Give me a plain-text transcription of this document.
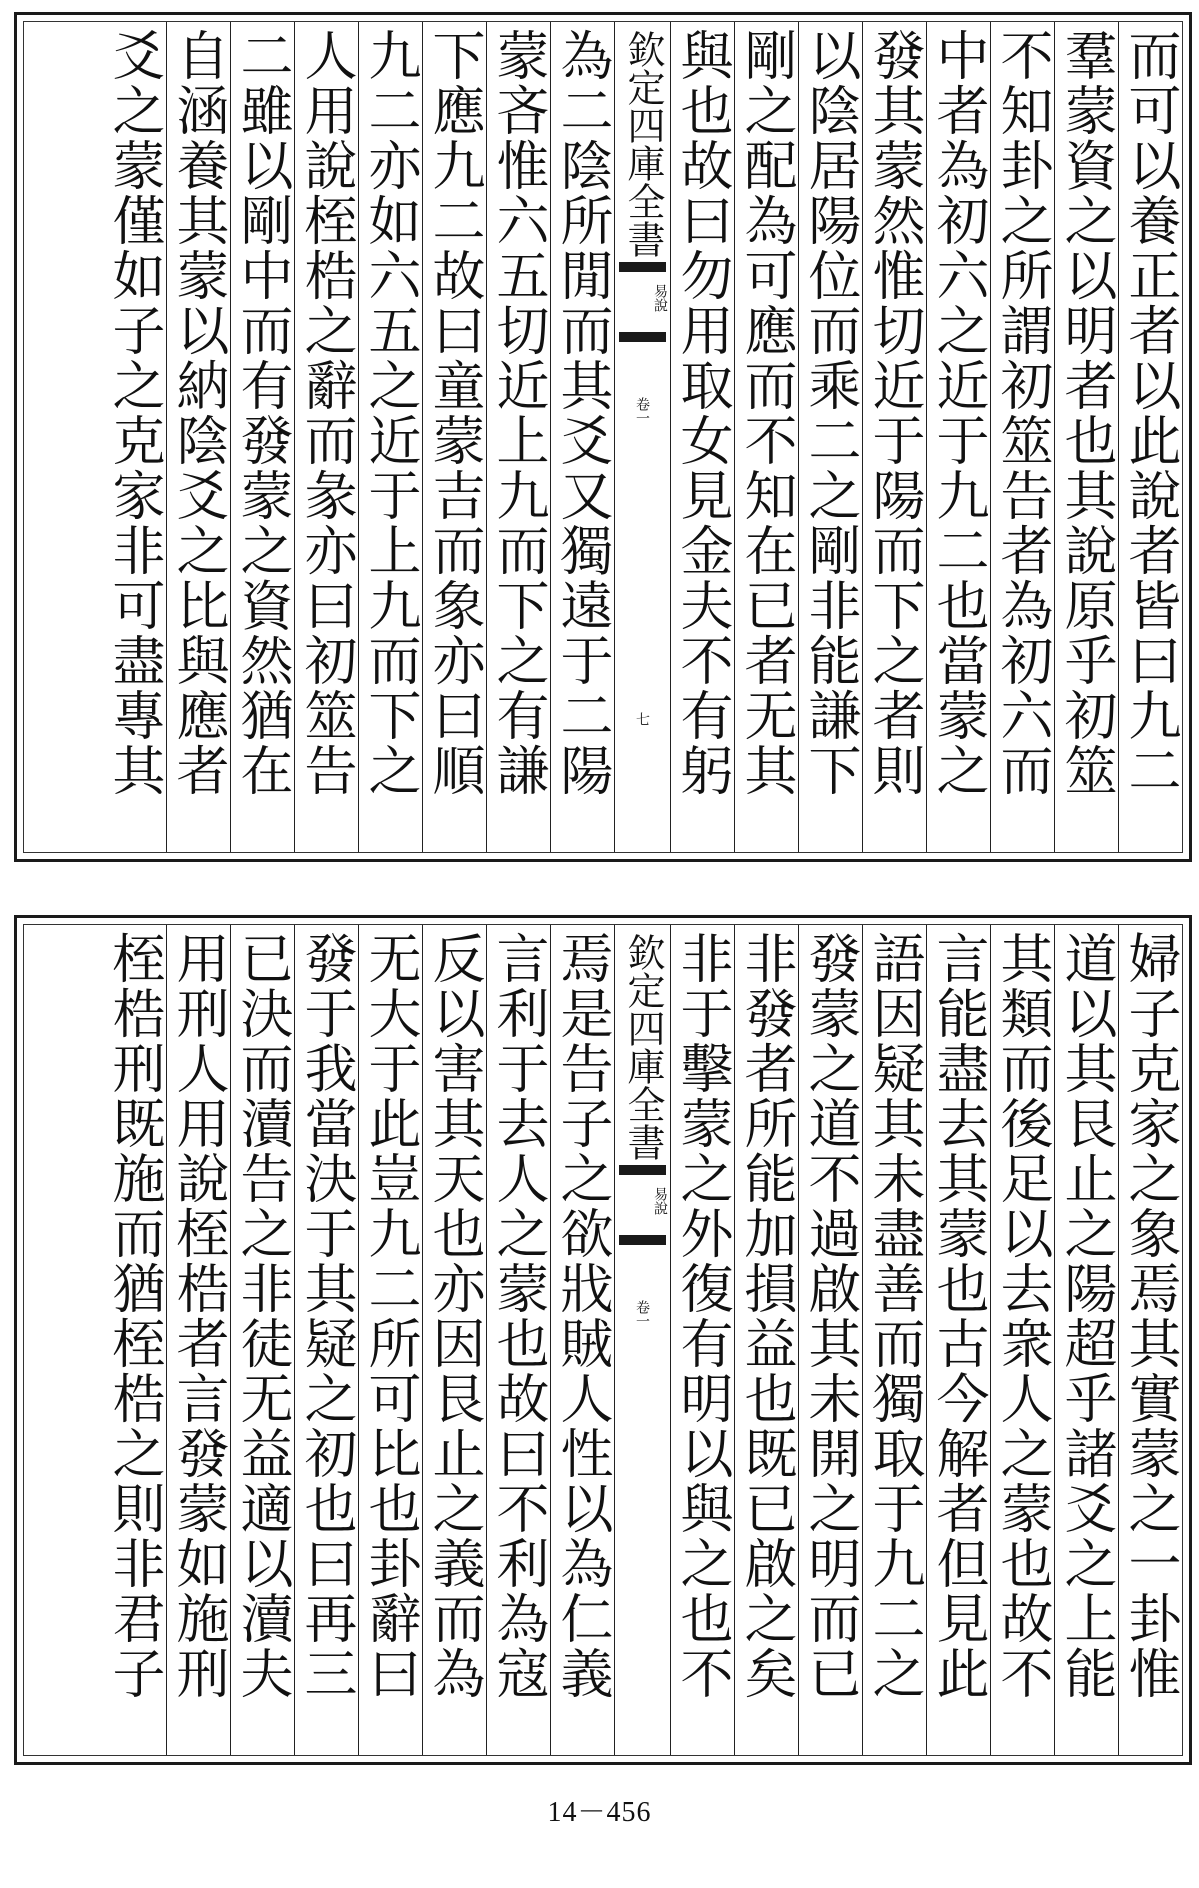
而可以養正者以此說者皆曰九二
羣蒙資之以明者也其說原乎初筮
不知卦之所謂初筮告者為初六而
中者為初六之近于九二也當蒙之
發其蒙然惟切近于陽而下之者則
以陰居陽位而乘二之剛非能謙下
剛之配為可應而不知在已者无其
與也故曰勿用取女見金夫不有躬
欽定四庫全書
易說
卷一
七
為二陰所閒而其爻又獨遠于二陽
蒙吝惟六五切近上九而下之有謙
下應九二故曰童蒙吉而象亦曰順
九二亦如六五之近于上九而下之
人用說桎梏之辭而彖亦曰初筮告
二雖以剛中而有發蒙之資然猶在
自涵養其蒙以納陰爻之比與應者
爻之蒙僅如子之克家非可盡專其
婦子克家之象焉其實蒙之一卦惟
道以其艮止之陽超乎諸爻之上能
其類而後足以去衆人之蒙也故不
言能盡去其蒙也古今解者但見此
語因疑其未盡善而獨取于九二之
發蒙之道不過啟其未開之明而已
非發者所能加損益也既已啟之矣
非于擊蒙之外復有明以與之也不
欽定四庫全書
易說
卷一
焉是告子之欲戕賊人性以為仁義
言利于去人之蒙也故曰不利為寇
反以害其天也亦因艮止之義而為
无大于此豈九二所可比也卦辭曰
發于我當決于其疑之初也曰再三
已決而瀆告之非徒无益適以瀆夫
用刑人用說桎梏者言發蒙如施刑
桎梏刑既施而猶桎梏之則非君子
14－456
